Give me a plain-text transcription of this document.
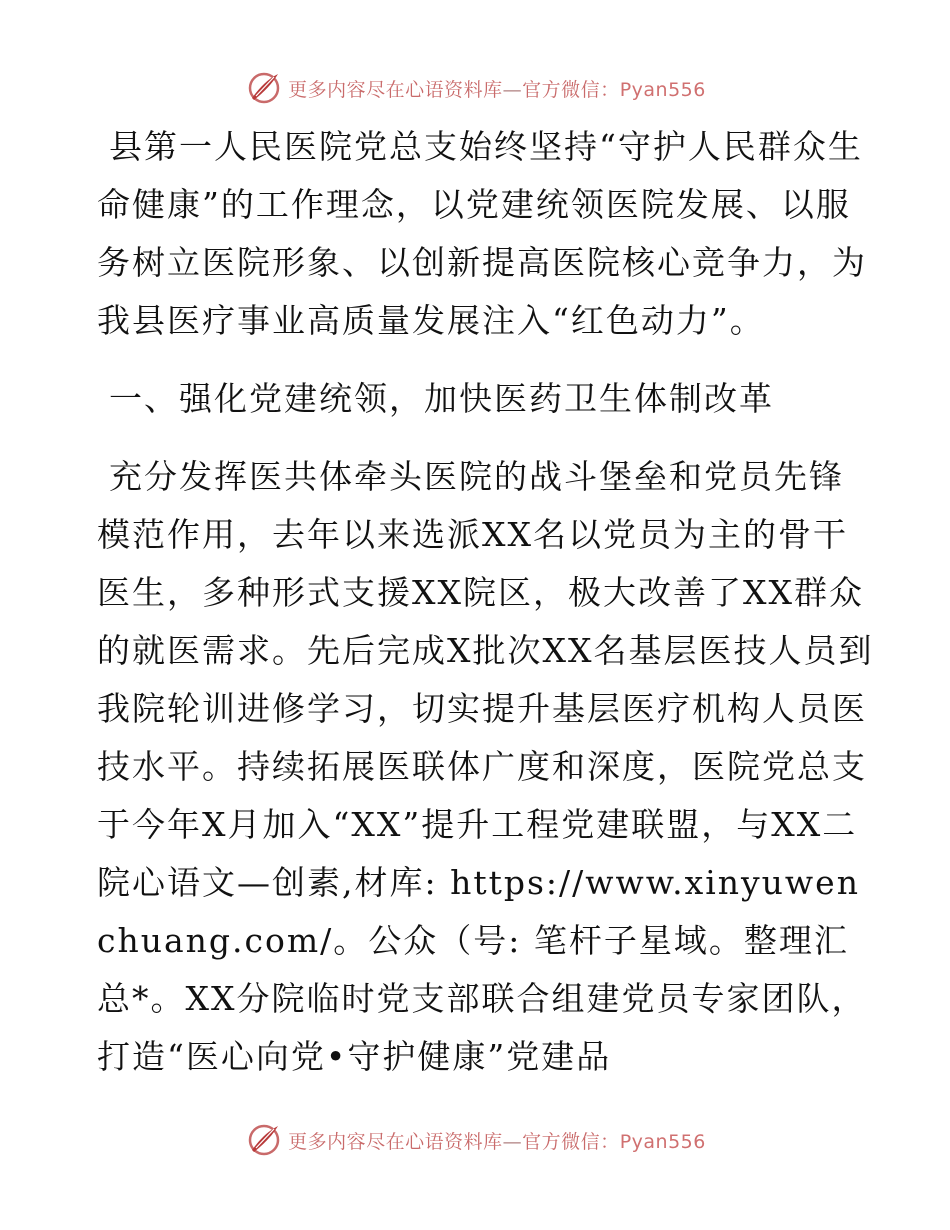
更多内容尽在心语资料库—官方微信：Pyan556

县第一人民医院党总支始终坚持“守护人民群众生命健康”的工作理念，以党建统领医院发展、以服务树立医院形象、以创新提高医院核心竞争力，为我县医疗事业高质量发展注入“红色动力”。

一、强化党建统领，加快医药卫生体制改革

充分发挥医共体牵头医院的战斗堡垒和党员先锋模范作用，去年以来选派XX名以党员为主的骨干医生，多种形式支援XX院区，极大改善了XX群众的就医需求。先后完成X批次XX名基层医技人员到我院轮训进修学习，切实提升基层医疗机构人员医技水平。持续拓展医联体广度和深度，医院党总支于今年X月加入“XX”提升工程党建联盟，与XX二院心语文—创素,材库: https://www.xinyuwenchuang.com/。公众（号: 笔杆子星域。整理汇总*。XX分院临时党支部联合组建党员专家团队，打造“医心向党•守护健康”党建品

更多内容尽在心语资料库—官方微信：Pyan556
